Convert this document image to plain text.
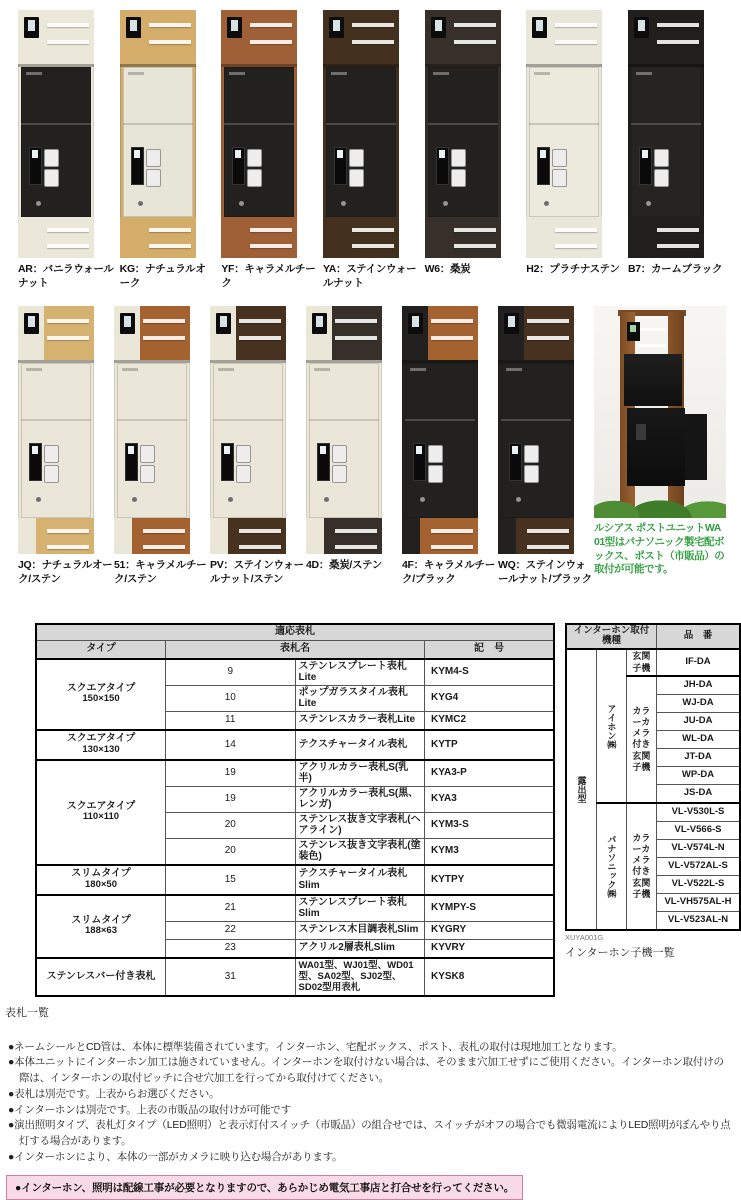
AR：バニラウォールナット
KG：ナチュラルオーク
YF：キャラメルチーク
YA：ステインウォールナット
W6：桑炭	H2：プラチナステン B7：カームブラック
JQ：ナチュラルオーク/ステン
51：キャラメルチーク/ステン
PV：ステインウォールナット/ステン
4D：桑炭/ステン	4F：キャラメルチーク/ブラック
WQ：ステインウォールナット/ブラック
ルシアス ポストユニットWA01型はパナソニック製宅配ボックス、ポスト（市販品）の取付が可能です。
適応表札			
タイプ	表札名		記　号

スクエアタイプ
150×150	9	ステンレスプレート表札Lite	KYM4-S
	10	ポップガラスタイル表札Lite	KYG4
	11	ステンレスカラー表札Lite	KYMC2

スクエアタイプ
130×130	14	テクスチャータイル表札	KYTP

スクエアタイプ
110×110	19	アクリルカラー表札S(乳半)	KYA3-P
	19	アクリルカラー表札S(黒、レンガ)	KYA3
	20	ステンレス抜き文字表札(ヘアライン)	KYM3-S
	20	ステンレス抜き文字表札(塗装色)	KYM3

スリムタイプ
180×50	15	テクスチャータイル表札Slim	KYTPY

スリムタイプ
188×63	21	ステンレスプレート表札Slim	KYMPY-S
	22	ステンレス木目調表札Slim	KYGRY
	23	アクリル2層表札Slim	KYVRY

ステンレスバー付き表札	31	WA01型、WJ01型、WD01型、SA02型、SJ02型、SD02型用表札	KYSK8
表札一覧
インターホン取付機種			品　番
露出型	アイホン㈱	玄関子機	IF-DA
		カラーカメラ付き玄関子機	JH-DA
			WJ-DA
			JU-DA
			WL-DA
			JT-DA
			WP-DA
			JS-DA
	パナソニック㈱	カラーカメラ付き玄関子機	VL-V530L-S
			VL-V566-S
			VL-V574L-N
			VL-V572AL-S
			VL-V522L-S
			VL-VH575AL-H
			VL-V523AL-N
XUYA001G
インターホン子機一覧
●ネームシールとCD管は、本体に標準装備されています。インターホン、宅配ボックス、ポスト、表札の取付は現地加工となります。
●本体ユニットにインターホン加工は施されていません。インターホンを取付けない場合は、そのまま穴加工せずにご使用ください。インターホン取付けの際は、インターホンの取付ピッチに合せ穴加工を行ってから取付けてください。
●表札は別売です。上表からお選びください。
●インターホンは別売です。上表の市販品の取付けが可能です
●演出照明タイプ、表札灯タイプ（LED照明）と表示灯付スイッチ（市販品）の組合せでは、スイッチがオフの場合でも微弱電流によりLED照明がぼんやり点灯する場合があります。
●インターホンにより、本体の一部がカメラに映り込む場合があります。
●インターホン、照明は配線工事が必要となりますので、あらかじめ電気工事店と打合せを行ってください。
